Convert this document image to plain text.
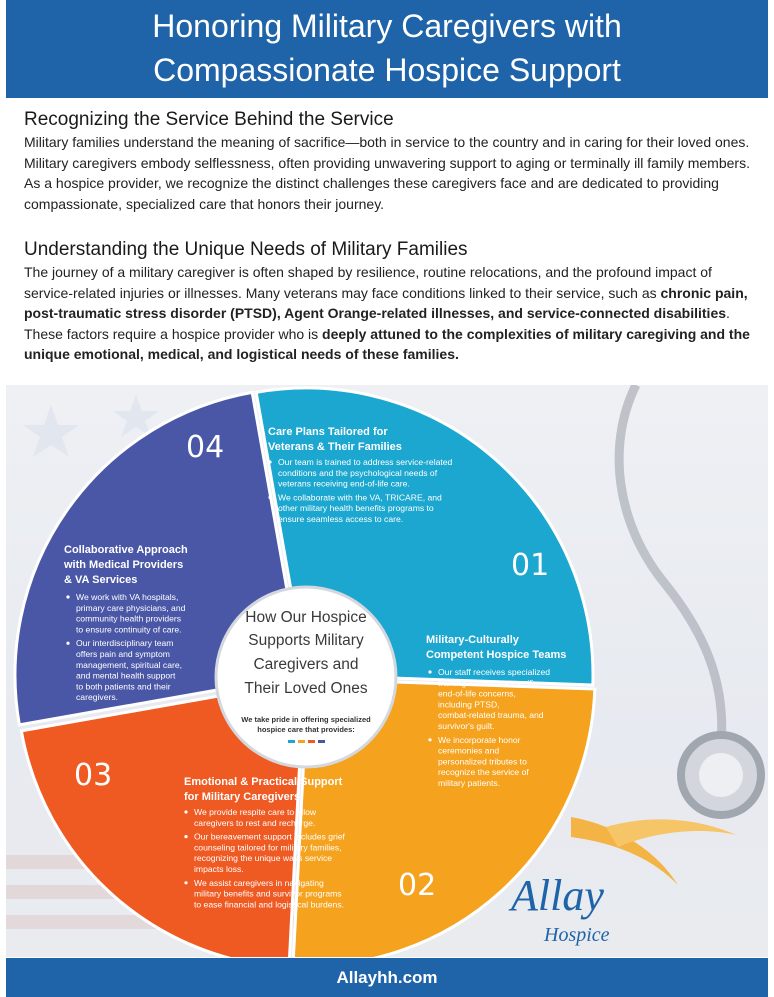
Honoring Military Caregivers with
Compassionate Hospice Support
Recognizing the Service Behind the Service

Military families understand the meaning of sacrifice—both in service to the country and in caring for their loved ones. Military caregivers embody selflessness, often providing unwavering support to aging or terminally ill family members. As a hospice provider, we recognize the distinct challenges these caregivers face and are dedicated to providing compassionate, specialized care that honors their journey.

Understanding the Unique Needs of Military Families

The journey of a military caregiver is often shaped by resilience, routine relocations, and the profound impact of service-related injuries or illnesses. Many veterans may face conditions linked to their service, such as chronic pain, post-traumatic stress disorder (PTSD), Agent Orange-related illnesses, and service-connected disabilities. These factors require a hospice provider who is deeply attuned to the complexities of military caregiving and the unique emotional, medical, and logistical needs of these families.

01
Care Plans Tailored for
Veterans & Their Families
Our team is trained to address service-related
conditions and the psychological needs of
veterans receiving end-of-life care.
We collaborate with the VA, TRICARE, and
other military health benefits programs to
ensure seamless access to care.
02
Military-Culturally
Competent Hospice Teams
Our staff receives specialized
training in veteran-specific
end-of-life concerns,
including PTSD,
combat-related trauma, and
survivor's guilt.
We incorporate honor
ceremonies and
personalized tributes to
recognize the service of
military patients.
03	Emotional & Practical Support
for Military Caregivers
We provide respite care to allow
caregivers to rest and recharge.
Our bereavement support includes grief
counseling tailored for military families,
recognizing the unique ways service
impacts loss.
We assist caregivers in navigating
military benefits and survivor programs
to ease financial and logistical burdens.
04
Collaborative Approach
with Medical Providers
& VA Services
We work with VA hospitals,
primary care physicians, and
community health providers
to ensure continuity of care.
Our interdisciplinary team
offers pain and symptom
management, spiritual care,
and mental health support
to both patients and their
caregivers.
How Our Hospice
Supports Military
Caregivers and
Their Loved Ones
We take pride in offering specialized
hospice care that provides:
Allay
Hospice
Allayhh.com
